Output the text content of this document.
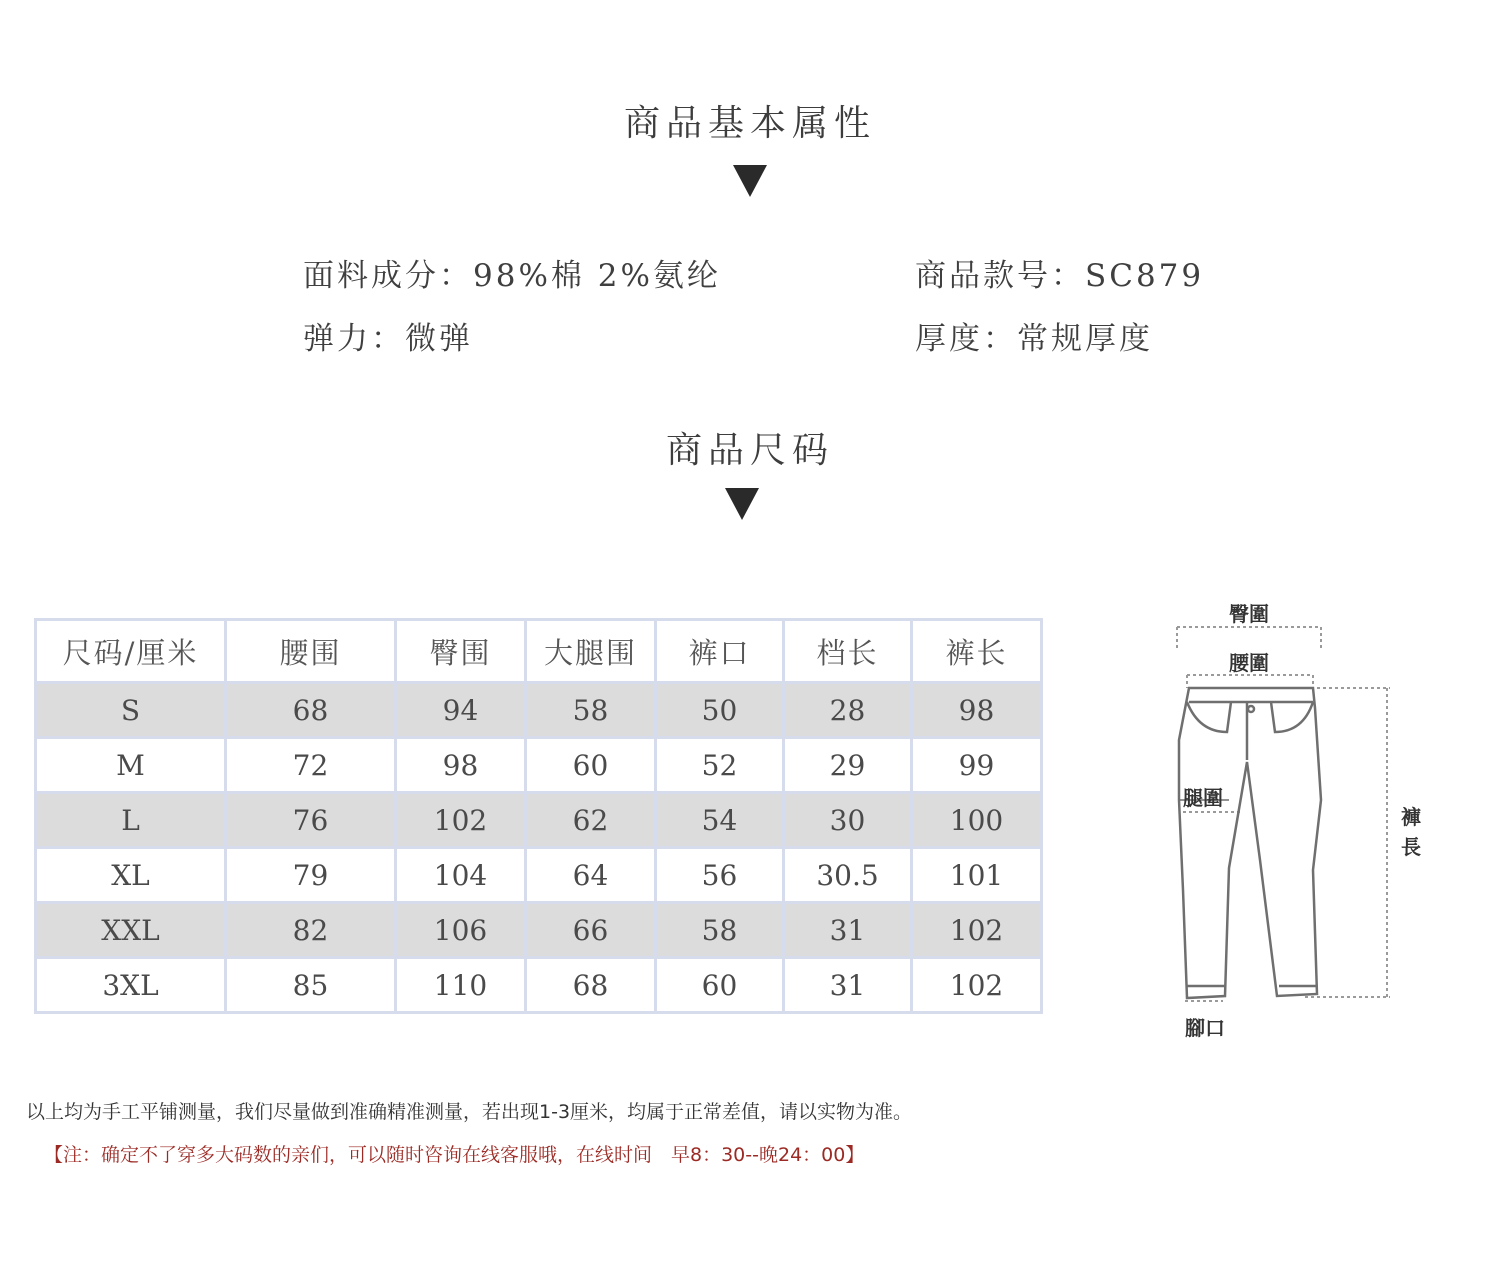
商品基本属性
面料成分：98%棉 2%氨纶	商品款号：SC879
弹力：微弹	厚度：常规厚度
商品尺码
尺码/厘米	腰围	臀围	大腿围	裤口	档长	裤长
S	68	94	58	50	28	98
M	72	98	60	52	29	99
L	76	102	62	54	30	100
XL	79	104	64	56	30.5	101
XXL	82	106	66	58	31	102
3XL	85	110	68	60	31	102
臀圍
腰圍
腿圍
褲長
腳口
以上均为手工平铺测量，我们尽量做到准确精准测量，若出现1-3厘米，均属于正常差值，请以实物为准。
【注：确定不了穿多大码数的亲们，可以随时咨询在线客服哦，在线时间　早8：30--晚24：00】
